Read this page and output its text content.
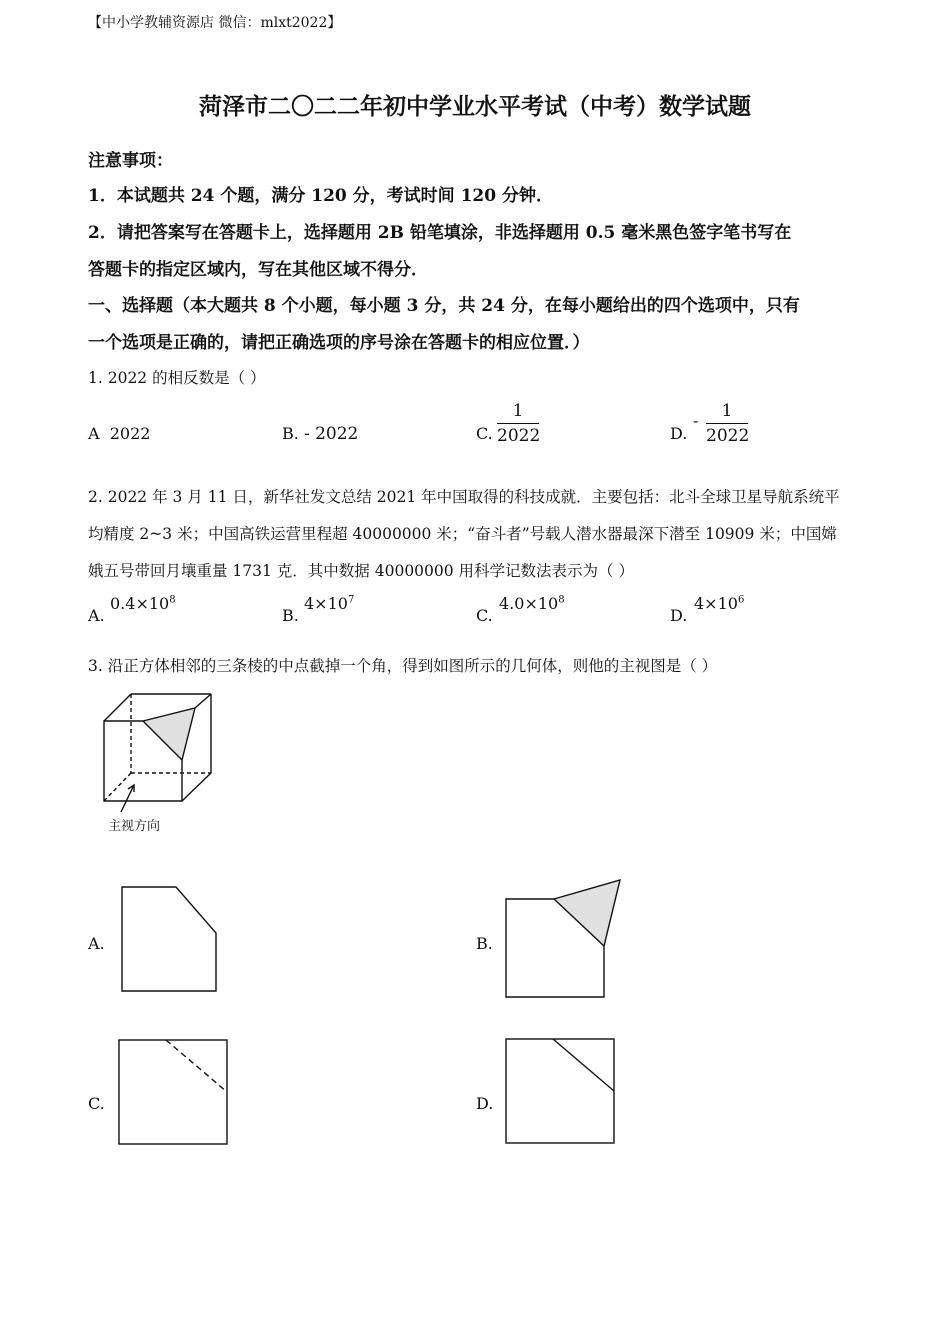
【中小学教辅资源店 微信：mlxt2022】
菏泽市二〇二二年初中学业水平考试（中考）数学试题
注意事项：
1．本试题共 24 个题，满分 120 分，考试时间 120 分钟．
2．请把答案写在答题卡上，选择题用 2B 铅笔填涂，非选择题用 0.5 毫米黑色签字笔书写在
答题卡的指定区域内，写在其他区域不得分．
一、选择题（本大题共 8 个小题，每小题 3 分，共 24 分，在每小题给出的四个选项中，只有
一个选项是正确的，请把正确选项的序号涂在答题卡的相应位置．）
1. 2022 的相反数是（ ）
A 2022	B. - 2022	C.
1
2022	D.
-	1
2022
2. 2022 年 3 月 11 日，新华社发文总结 2021 年中国取得的科技成就．主要包括：北斗全球卫星导航系统平
均精度 2~3 米；中国高铁运营里程超 40000000 米；“奋斗者”号载人潜水器最深下潜至 10909 米；中国嫦
娥五号带回月壤重量 1731 克．其中数据 40000000 用科学记数法表示为（ ）
A.
$0.4\times 10^8$
B.
$4\times 10^7$
C.
$4.0\times 10^8$
D.
$4\times 10^6$
3. 沿正方体相邻的三条棱的中点截掉一个角，得到如图所示的几何体，则他的主视图是（ ）
主视方向
A.	B.
C.	D.
